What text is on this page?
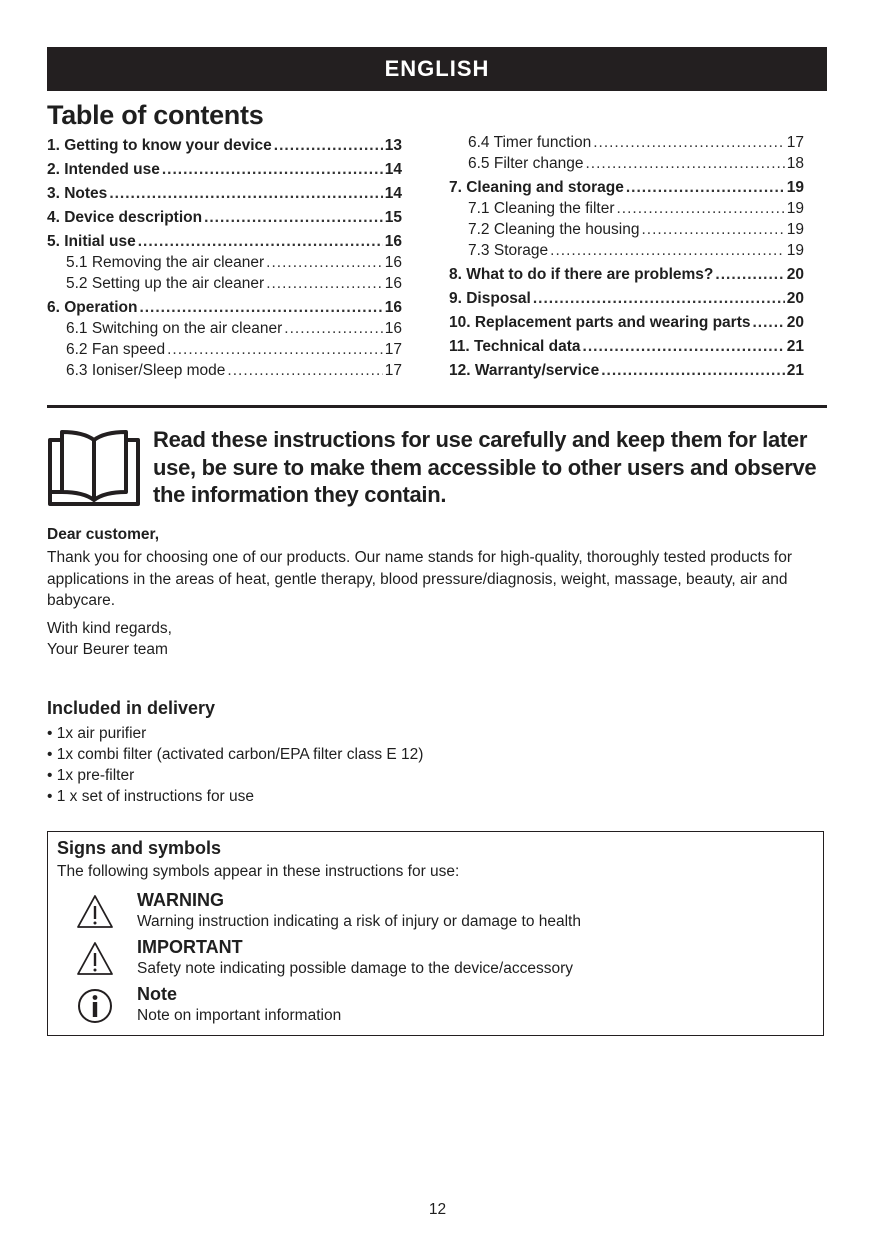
ENGLISH
Table of contents
1. Getting to know your device .....	13
2. Intended use .....	14
3. Notes .....	14
4. Device description .....	15
5. Initial use .....	16
5.1 Removing the air cleaner .....	16
5.2 Setting up the air cleaner .....	16
6. Operation .....	16
6.1 Switching on the air cleaner .....	16
6.2 Fan speed .....	17
6.3 Ioniser/Sleep mode .....	17
6.4 Timer function .....	17
6.5 Filter change .....	18
7. Cleaning and storage .....	19
7.1 Cleaning the filter .....	19
7.2 Cleaning the housing .....	19
7.3 Storage .....	19
8. What to do if there are problems? .....	20
9. Disposal .....	20
10. Replacement parts and wearing parts ..... 20
11. Technical data .....	21
12. Warranty/service .....	21
Read these instructions for use carefully and keep them for later use, be sure to make them accessible to other users and observe the information they contain.
Dear customer,
Thank you for choosing one of our products. Our name stands for high-quality, thoroughly tested products for applications in the areas of heat, gentle therapy, blood pressure/diagnosis, weight, massage, beauty, air and babycare.
With kind regards,
Your Beurer team
Included in delivery
• 1x air purifier
• 1x combi filter (activated carbon/EPA filter class E 12)
• 1x pre-filter
• 1 x set of instructions for use
Signs and symbols
The following symbols appear in these instructions for use:
WARNING
Warning instruction indicating a risk of injury or damage to health
IMPORTANT
Safety note indicating possible damage to the device/accessory
Note
Note on important information
12
